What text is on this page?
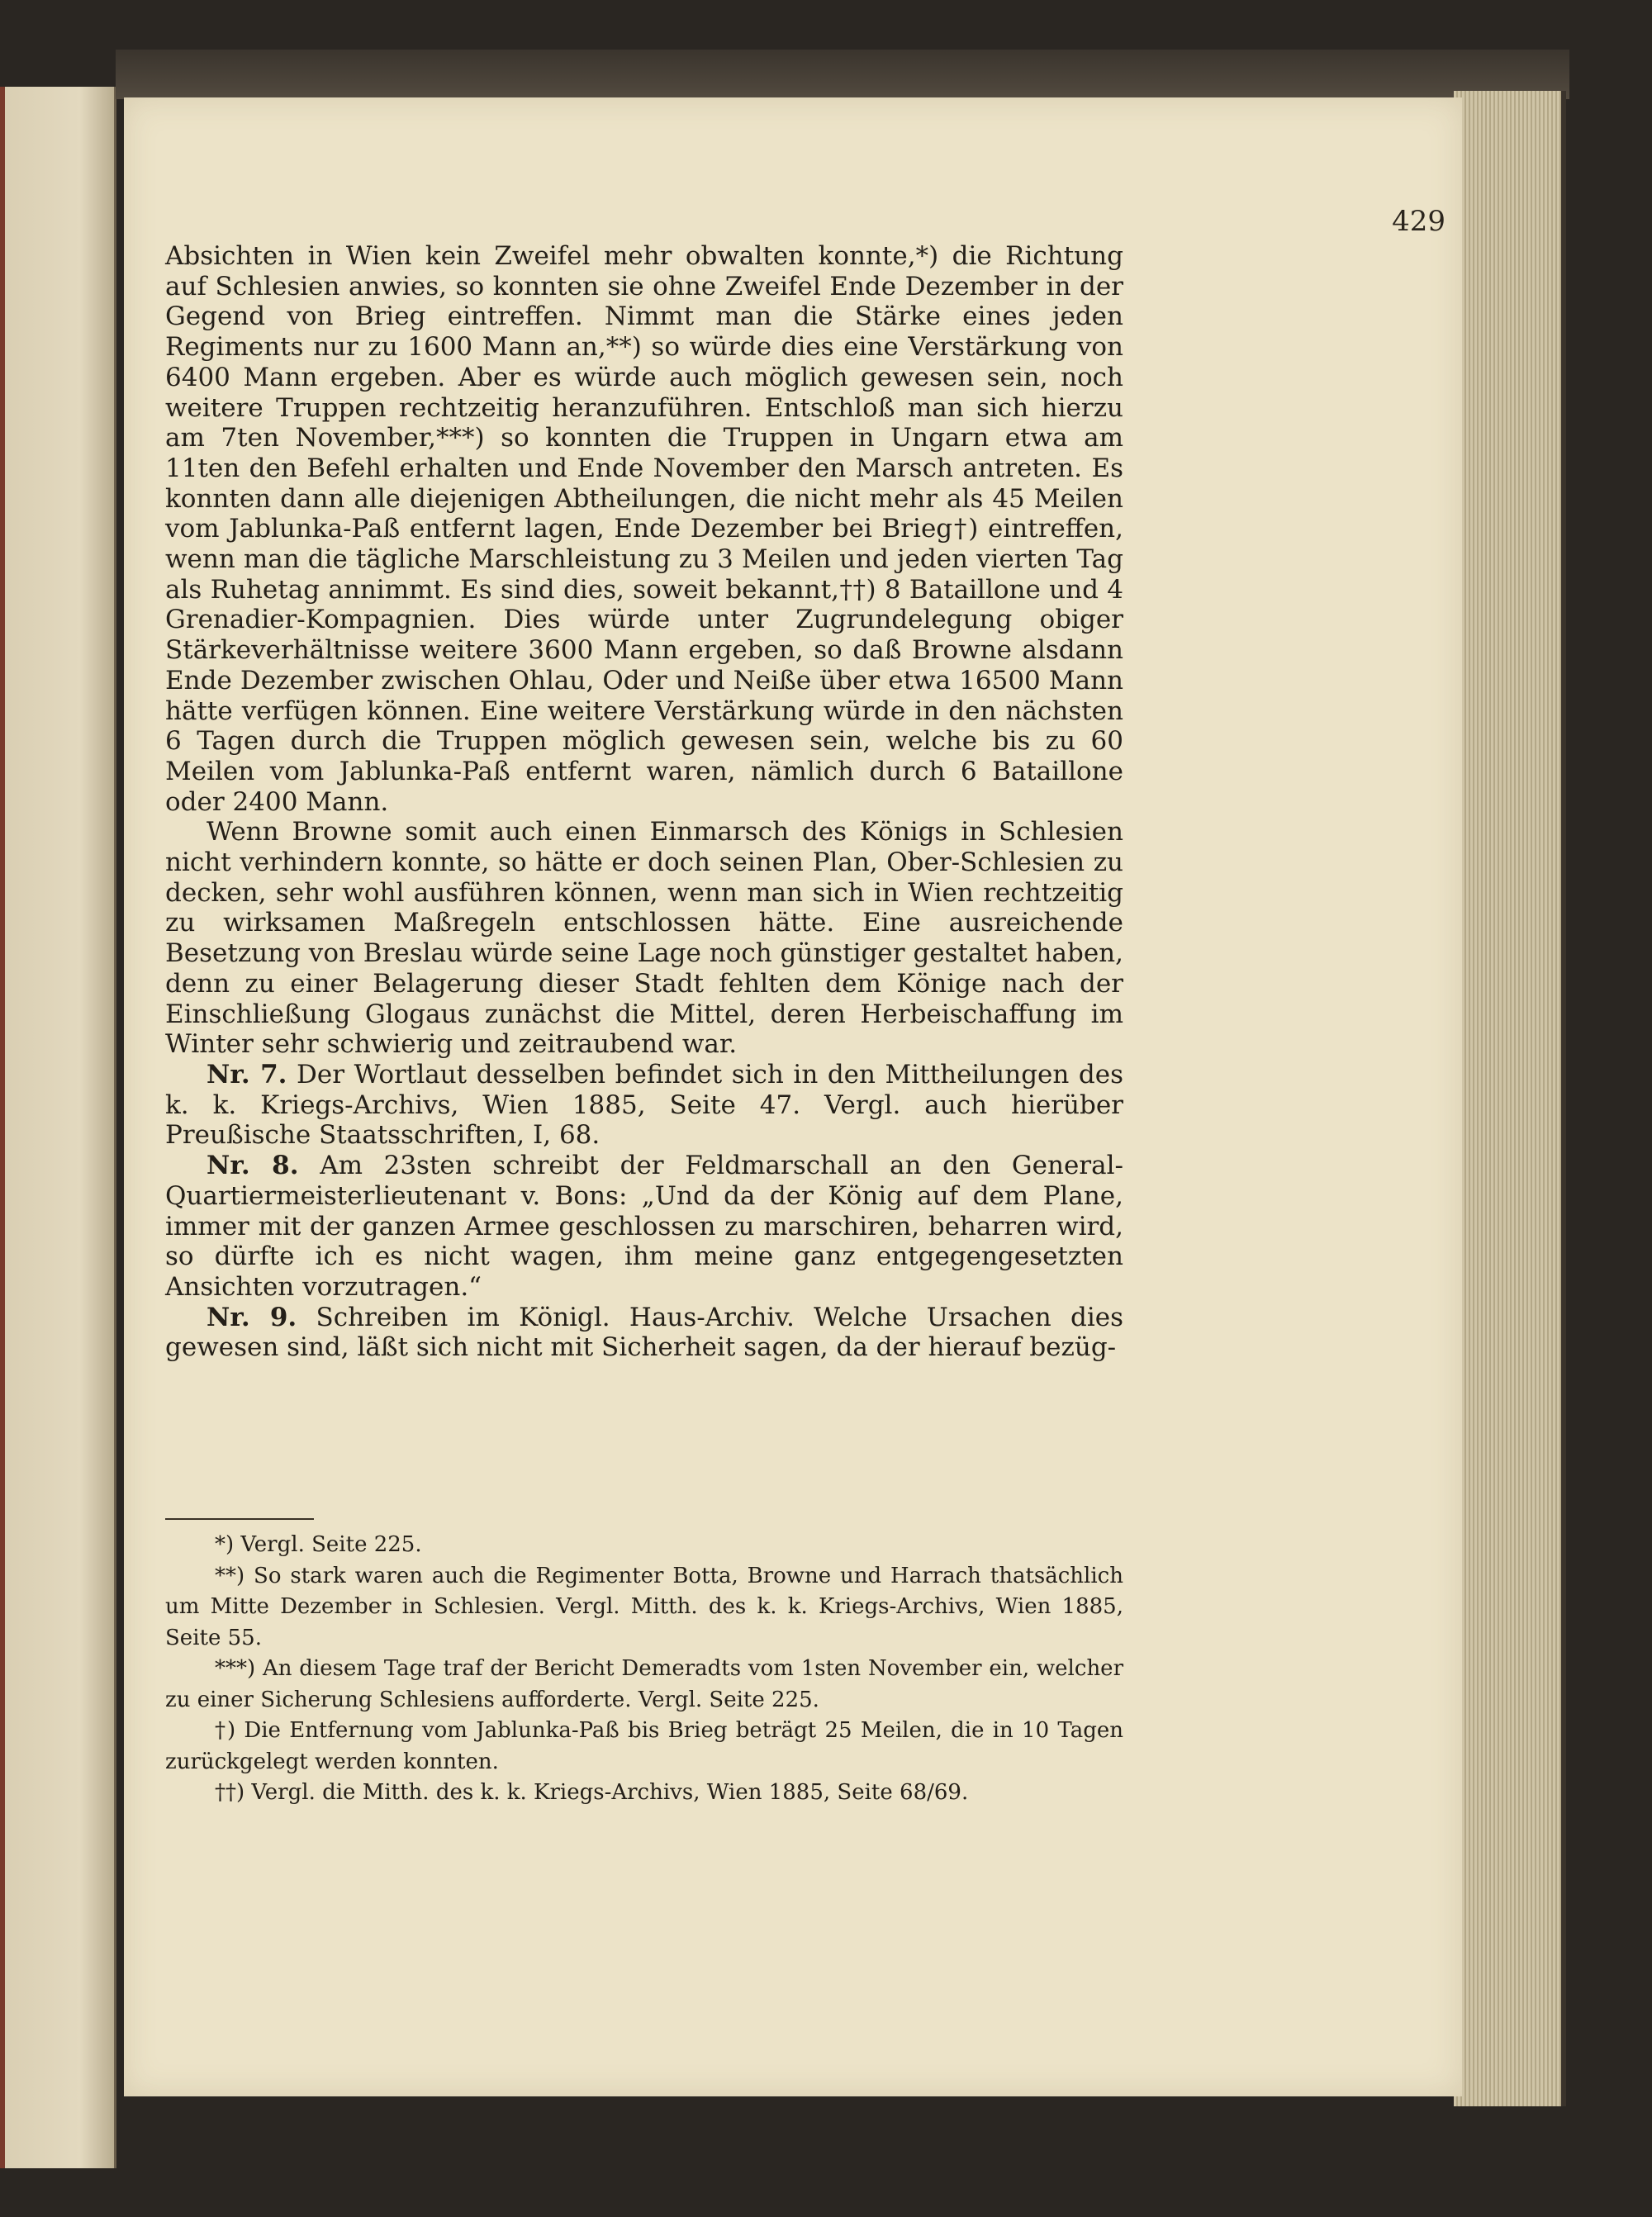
429

Absichten in Wien kein Zweifel mehr obwalten konnte,*) die Richtung auf Schlesien anwies, so konnten sie ohne Zweifel Ende Dezember in der Gegend von Brieg eintreffen. Nimmt man die Stärke eines jeden Regiments nur zu 1600 Mann an,**) so würde dies eine Verstärkung von 6400 Mann ergeben. Aber es würde auch möglich gewesen sein, noch weitere Truppen rechtzeitig heranzuführen. Entschloß man sich hierzu am 7ten November,***) so konnten die Truppen in Ungarn etwa am 11ten den Befehl erhalten und Ende November den Marsch antreten. Es konnten dann alle diejenigen Abtheilungen, die nicht mehr als 45 Meilen vom Jablunka-Paß entfernt lagen, Ende Dezember bei Brieg†) eintreffen, wenn man die tägliche Marschleistung zu 3 Meilen und jeden vierten Tag als Ruhetag annimmt. Es sind dies, soweit bekannt,††) 8 Bataillone und 4 Grenadier-Kompagnien. Dies würde unter Zugrundelegung obiger Stärkeverhältnisse weitere 3600 Mann ergeben, so daß Browne alsdann Ende Dezember zwischen Ohlau, Oder und Neiße über etwa 16500 Mann hätte verfügen können. Eine weitere Verstärkung würde in den nächsten 6 Tagen durch die Truppen möglich gewesen sein, welche bis zu 60 Meilen vom Jablunka-Paß entfernt waren, nämlich durch 6 Bataillone oder 2400 Mann.

Wenn Browne somit auch einen Einmarsch des Königs in Schlesien nicht verhindern konnte, so hätte er doch seinen Plan, Ober-Schlesien zu decken, sehr wohl ausführen können, wenn man sich in Wien rechtzeitig zu wirksamen Maßregeln entschlossen hätte. Eine ausreichende Besetzung von Breslau würde seine Lage noch günstiger gestaltet haben, denn zu einer Belagerung dieser Stadt fehlten dem Könige nach der Einschließung Glogaus zunächst die Mittel, deren Herbeischaffung im Winter sehr schwierig und zeitraubend war.

Nr. 7. Der Wortlaut desselben befindet sich in den Mittheilungen des k. k. Kriegs-Archivs, Wien 1885, Seite 47. Vergl. auch hierüber Preußische Staatsschriften, I, 68.

Nr. 8. Am 23sten schreibt der Feldmarschall an den General-Quartiermeisterlieutenant v. Bons: „Und da der König auf dem Plane, immer mit der ganzen Armee geschlossen zu marschiren, beharren wird, so dürfte ich es nicht wagen, ihm meine ganz entgegengesetzten Ansichten vorzutragen.“

Nr. 9. Schreiben im Königl. Haus-Archiv. Welche Ursachen dies gewesen sind, läßt sich nicht mit Sicherheit sagen, da der hierauf bezüg-

*) Vergl. Seite 225.

**) So stark waren auch die Regimenter Botta, Browne und Harrach thatsächlich um Mitte Dezember in Schlesien. Vergl. Mitth. des k. k. Kriegs-Archivs, Wien 1885, Seite 55.

***) An diesem Tage traf der Bericht Demeradts vom 1sten November ein, welcher zu einer Sicherung Schlesiens aufforderte. Vergl. Seite 225.

†) Die Entfernung vom Jablunka-Paß bis Brieg beträgt 25 Meilen, die in 10 Tagen zurückgelegt werden konnten.

††) Vergl. die Mitth. des k. k. Kriegs-Archivs, Wien 1885, Seite 68/69.
